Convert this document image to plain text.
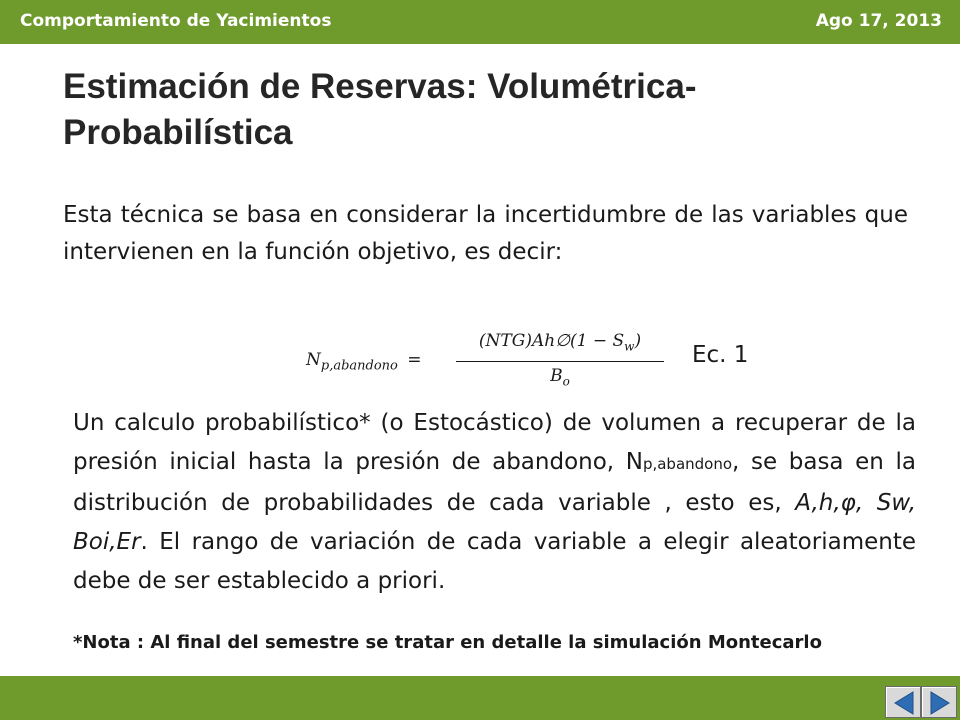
Comportamiento de Yacimientos	Ago 17, 2013
Estimación de Reservas: Volumétrica-
Probabilística
Esta técnica se basa en considerar la incertidumbre de las variables que intervienen en la función objetivo, es decir:
$N_{p,abandono}$ =
(NTG)Ah∅(1 − $S_w$)
$B_o$
Ec. 1
Un calculo probabilístico* (o Estocástico) de volumen a recuperar de la presión inicial hasta la presión de abandono, Np,abandono, se basa en la distribución de probabilidades de cada variable , esto es, A,h,φ, Sw, Boi,Er. El rango de variación de cada variable a elegir aleatoriamente debe de ser establecido a priori.
*Nota : Al final del semestre se tratar en detalle la simulación Montecarlo
